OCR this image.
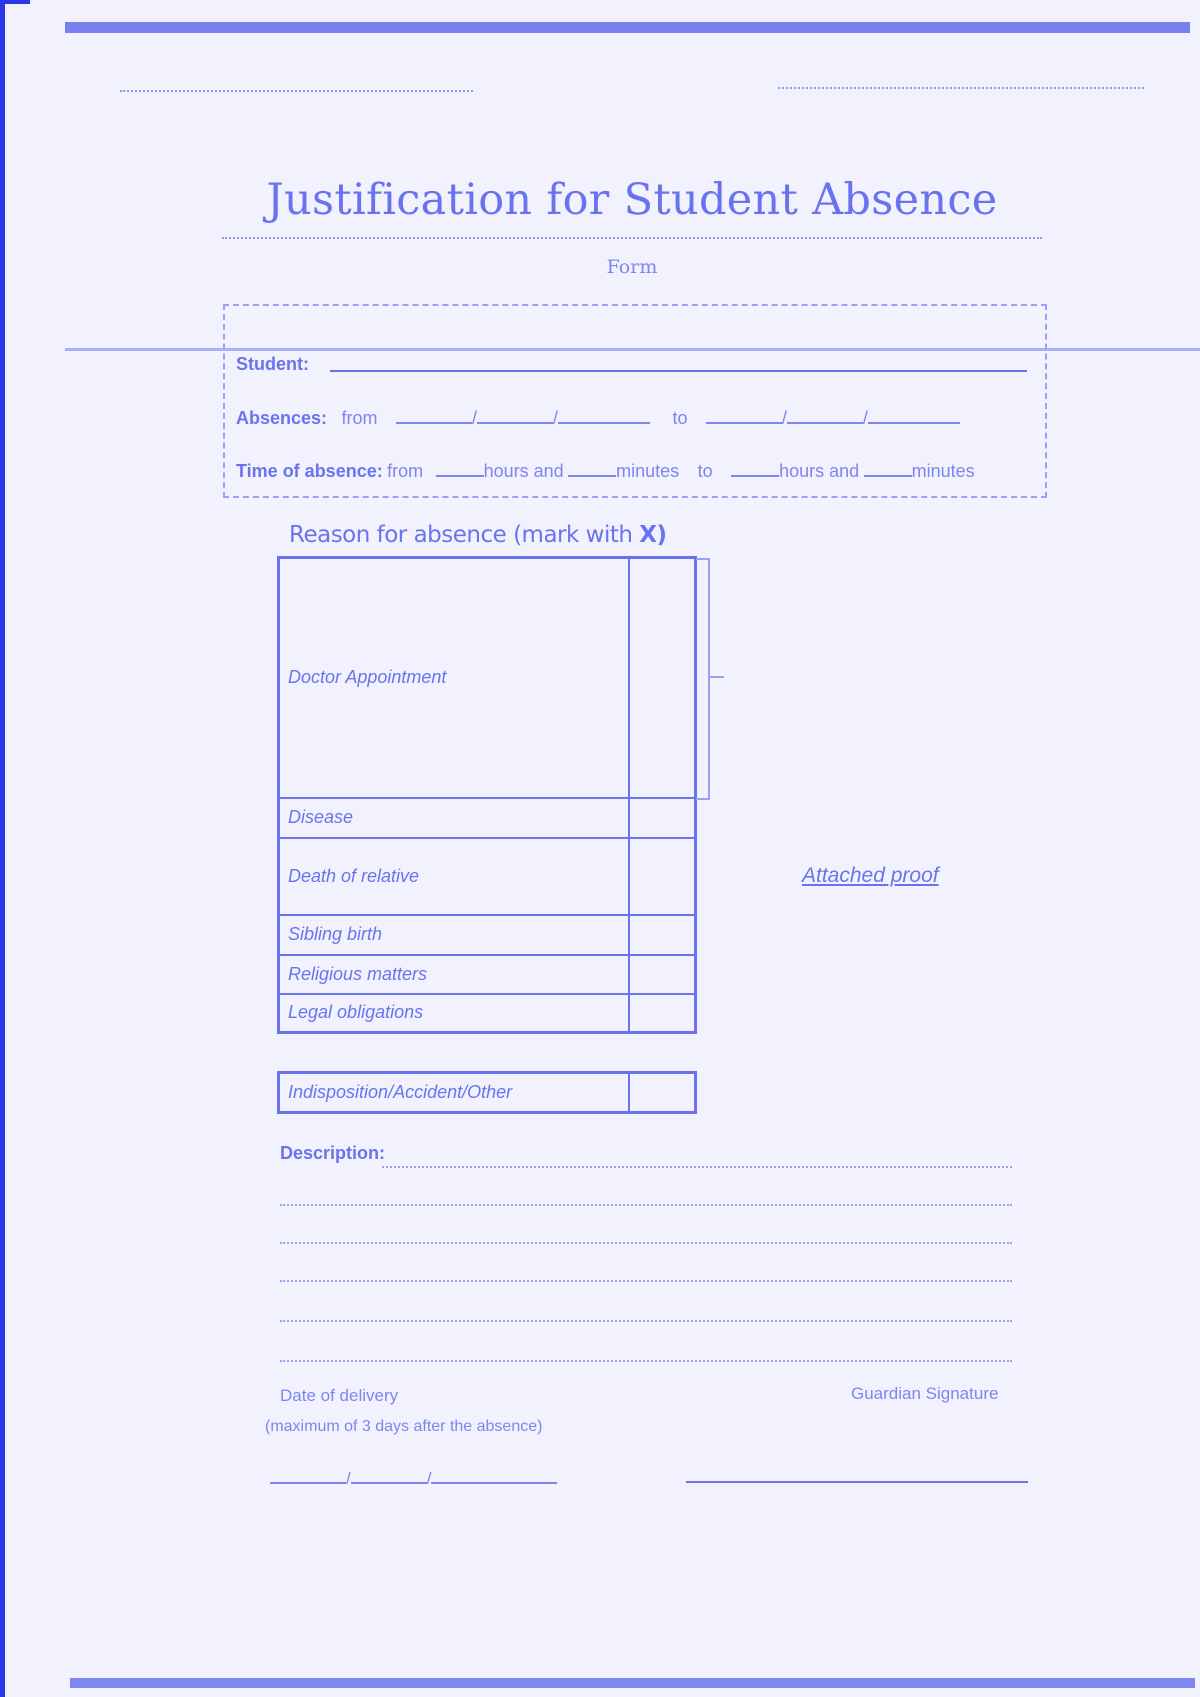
Justification for Student Absence
Form
Student:
Absences: from	/	/	to	/	/
Time of absence: from	hours and	minutes to	hours and	minutes
Reason for absence (mark with X)
Doctor Appointment	
Disease	
Death of relative	
Sibling birth	
Religious matters	
Legal obligations	
Indisposition/Accident/Other	
Attached proof
Description:
Date of delivery
(maximum of 3 days after the absence)
Guardian Signature
/	/
